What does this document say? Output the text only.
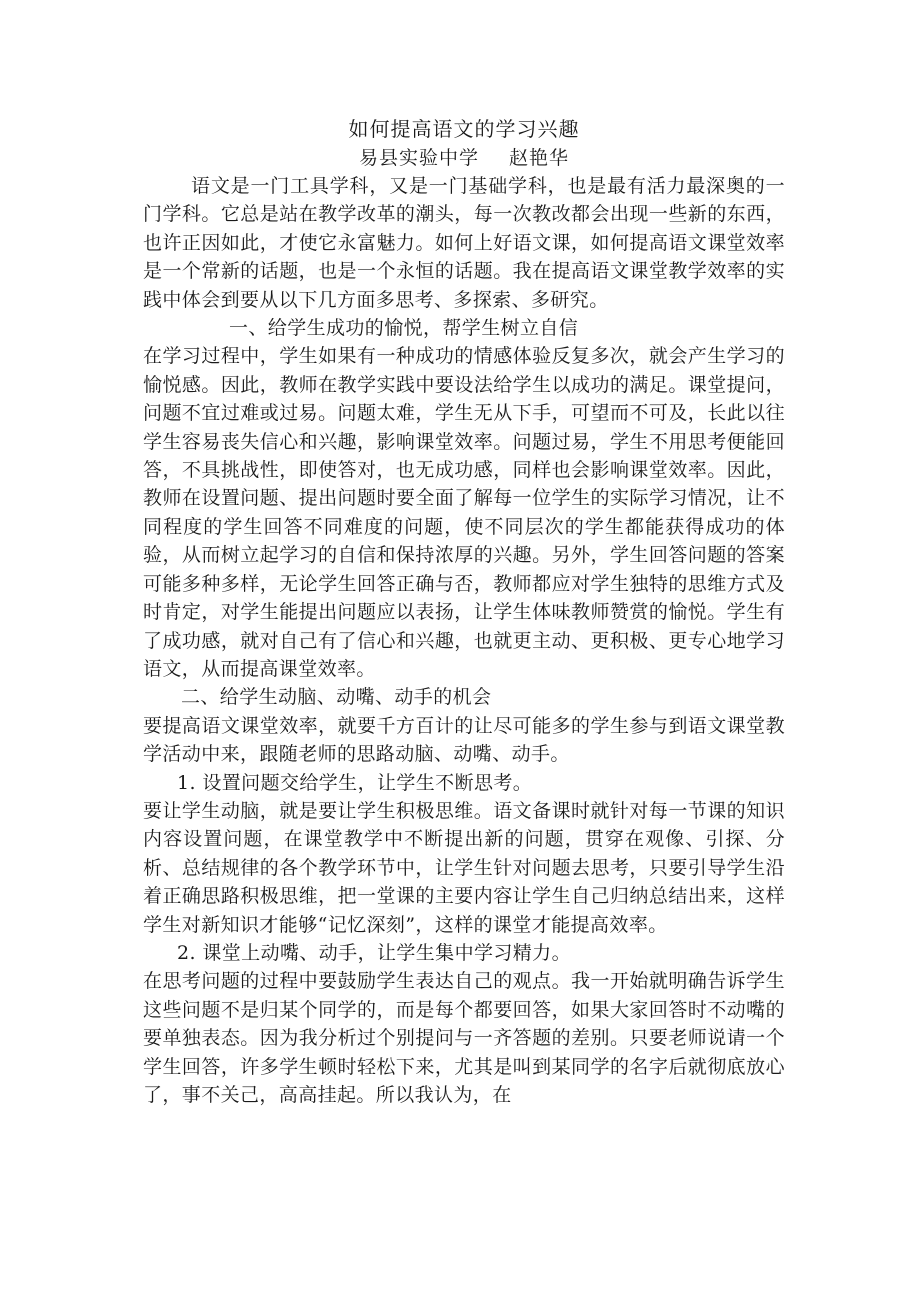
如何提高语文的学习兴趣
易县实验中学 赵艳华

语文是一门工具学科，又是一门基础学科，也是最有活力最深奥的一门学科。它总是站在教学改革的潮头，每一次教改都会出现一些新的东西，也许正因如此，才使它永富魅力。如何上好语文课，如何提高语文课堂效率是一个常新的话题，也是一个永恒的话题。我在提高语文课堂教学效率的实践中体会到要从以下几方面多思考、多探索、多研究。

一、给学生成功的愉悦，帮学生树立自信

在学习过程中，学生如果有一种成功的情感体验反复多次，就会产生学习的愉悦感。因此，教师在教学实践中要设法给学生以成功的满足。课堂提问，问题不宜过难或过易。问题太难，学生无从下手，可望而不可及，长此以往学生容易丧失信心和兴趣，影响课堂效率。问题过易，学生不用思考便能回答，不具挑战性，即使答对，也无成功感，同样也会影响课堂效率。因此，教师在设置问题、提出问题时要全面了解每一位学生的实际学习情况，让不同程度的学生回答不同难度的问题，使不同层次的学生都能获得成功的体验，从而树立起学习的自信和保持浓厚的兴趣。另外，学生回答问题的答案可能多种多样，无论学生回答正确与否，教师都应对学生独特的思维方式及时肯定，对学生能提出问题应以表扬，让学生体味教师赞赏的愉悦。学生有了成功感，就对自己有了信心和兴趣，也就更主动、更积极、更专心地学习语文，从而提高课堂效率。

二、给学生动脑、动嘴、动手的机会

要提高语文课堂效率，就要千方百计的让尽可能多的学生参与到语文课堂教学活动中来，跟随老师的思路动脑、动嘴、动手。

1. 设置问题交给学生，让学生不断思考。

要让学生动脑，就是要让学生积极思维。语文备课时就针对每一节课的知识内容设置问题，在课堂教学中不断提出新的问题，贯穿在观像、引探、分析、总结规律的各个教学环节中，让学生针对问题去思考，只要引导学生沿着正确思路积极思维，把一堂课的主要内容让学生自己归纳总结出来，这样学生对新知识才能够“记忆深刻”，这样的课堂才能提高效率。

2. 课堂上动嘴、动手，让学生集中学习精力。

在思考问题的过程中要鼓励学生表达自己的观点。我一开始就明确告诉学生这些问题不是归某个同学的，而是每个都要回答，如果大家回答时不动嘴的要单独表态。因为我分析过个别提问与一齐答题的差别。只要老师说请一个学生回答，许多学生顿时轻松下来，尤其是叫到某同学的名字后就彻底放心了，事不关己，高高挂起。所以我认为，在
